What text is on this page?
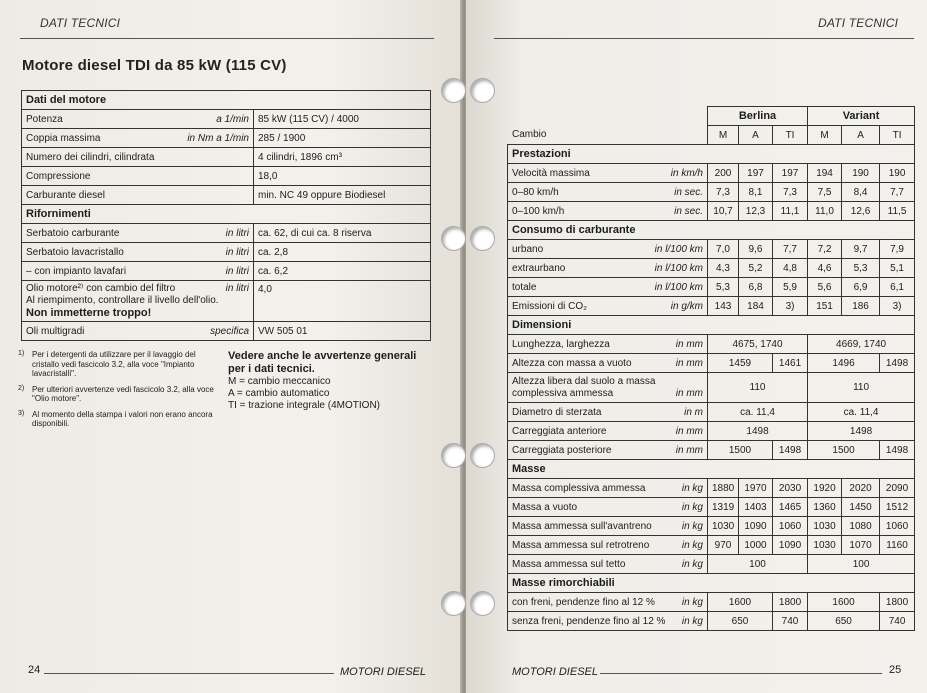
DATI TECNICI
Motore diesel TDI da 85 kW (115 CV)
Dati del motore	
Potenza a 1/min	85 kW (115 CV) / 4000
Coppia massima in Nm a 1/min	285 / 1900
Numero dei cilindri, cilindrata	4 cilindri, 1896 cm³
Compressione	18,0
Carburante diesel	min. NC 49 oppure Biodiesel
Rifornimenti	
Serbatoio carburante in litri	ca. 62, di cui ca. 8 riserva
Serbatoio lavacristallo in litri	ca. 2,8
– con impianto lavafari in litri	ca. 6,2

Olio motore²⁾ con cambio del filtro in litri
Al riempimento, controllare il livello dell'olio.
Non immetterne troppo!	4,0
Oli multigradi specifica	VW 505 01
1) Per i detergenti da utilizzare per il lavaggio del cristallo vedi fascicolo 3.2, alla voce "Impianto lavacristalli".
2) Per ulteriori avvertenze vedi fascicolo 3.2, alla voce "Olio motore".
3) Al momento della stampa i valori non erano ancora disponibili.
Vedere anche le avvertenze generali per i dati tecnici.
M = cambio meccanico
A = cambio automatico
TI = trazione integrale (4MOTION)
24	MOTORI DIESEL
DATI TECNICI
25
MOTORI DIESEL
	Berlina			Variant		
	M	A	TI	M	A	TI
Prestazioni						
Velocità massima in km/h	200	197	197	194	190	190
0–80 km/h in sec.	7,3	8,1	7,3	7,5	8,4	7,7
0–100 km/h in sec.	10,7	12,3	11,1	11,0	12,6	11,5
Consumo di carburante						
urbano in l/100 km	7,0	9,6	7,7	7,2	9,7	7,9
extraurbano in l/100 km	4,3	5,2	4,8	4,6	5,3	5,1
totale in l/100 km	5,3	6,8	5,9	5,6	6,9	6,1
Emissioni di CO₂ in g/km	143	184	3)	151	186	3)
Dimensioni						
Lunghezza, larghezza in mm	4675, 1740			4669, 1740		
Altezza con massa a vuoto in mm	1459		1461	1496		1498
Altezza libera dal suolo a massa complessiva ammessa in mm	110			110		
Diametro di sterzata in m	ca. 11,4			ca. 11,4		
Carreggiata anteriore in mm	1498			1498		
Carreggiata posteriore in mm	1500		1498	1500		1498
Masse						
Massa complessiva ammessa in kg	1880	1970	2030	1920	2020	2090
Massa a vuoto in kg	1319	1403	1465	1360	1450	1512
Massa ammessa sull'avantreno in kg	1030	1090	1060	1030	1080	1060
Massa ammessa sul retrotreno in kg	970	1000	1090	1030	1070	1160
Massa ammessa sul tetto in kg	100			100		
Masse rimorchiabili						
con freni, pendenze fino al 12 % in kg	1600		1800	1600		1800
senza freni, pendenze fino al 12 % in kg	650		740	650		740
Cambio
